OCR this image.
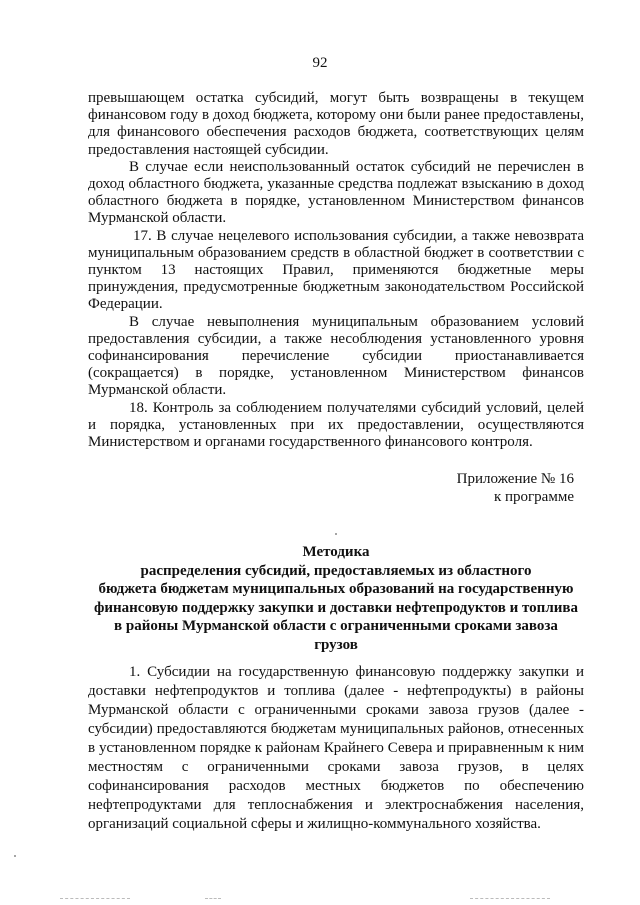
92

превышающем остатка субсидий, могут быть возвращены в текущем финансовом году в доход бюджета, которому они были ранее предоставлены, для финансового обеспечения расходов бюджета, соответствующих целям предоставления настоящей субсидии.

В случае если неиспользованный остаток субсидий не перечислен в доход областного бюджета, указанные средства подлежат взысканию в доход областного бюджета в порядке, установленном Министерством финансов Мурманской области.

17. В случае нецелевого использования субсидии, а также невозврата муниципальным образованием средств в областной бюджет в соответствии с пунктом 13 настоящих Правил, применяются бюджетные меры принуждения, предусмотренные бюджетным законодательством Российской Федерации.

В случае невыполнения муниципальным образованием условий предоставления субсидии, а также несоблюдения установленного уровня софинансирования перечисление субсидии приостанавливается (сокращается) в порядке, установленном Министерством финансов Мурманской области.

18. Контроль за соблюдением получателями субсидий условий, целей и порядка, установленных при их предоставлении, осуществляются Министерством и органами государственного финансового контроля.

Приложение № 16
к программе

Методика

распределения субсидий, предоставляемых из областного

бюджета бюджетам муниципальных образований на государственную

финансовую поддержку закупки и доставки нефтепродуктов и топлива

в районы Мурманской области с ограниченными сроками завоза

грузов

1. Субсидии на государственную финансовую поддержку закупки и доставки нефтепродуктов и топлива (далее - нефтепродукты) в районы Мурманской области с ограниченными сроками завоза грузов (далее - субсидии) предоставляются бюджетам муниципальных районов, отнесенных в установленном порядке к районам Крайнего Севера и приравненным к ним местностям с ограниченными сроками завоза грузов, в целях софинансирования расходов местных бюджетов по обеспечению нефтепродуктами для теплоснабжения и электроснабжения населения, организаций социальной сферы и жилищно-коммунального хозяйства.
